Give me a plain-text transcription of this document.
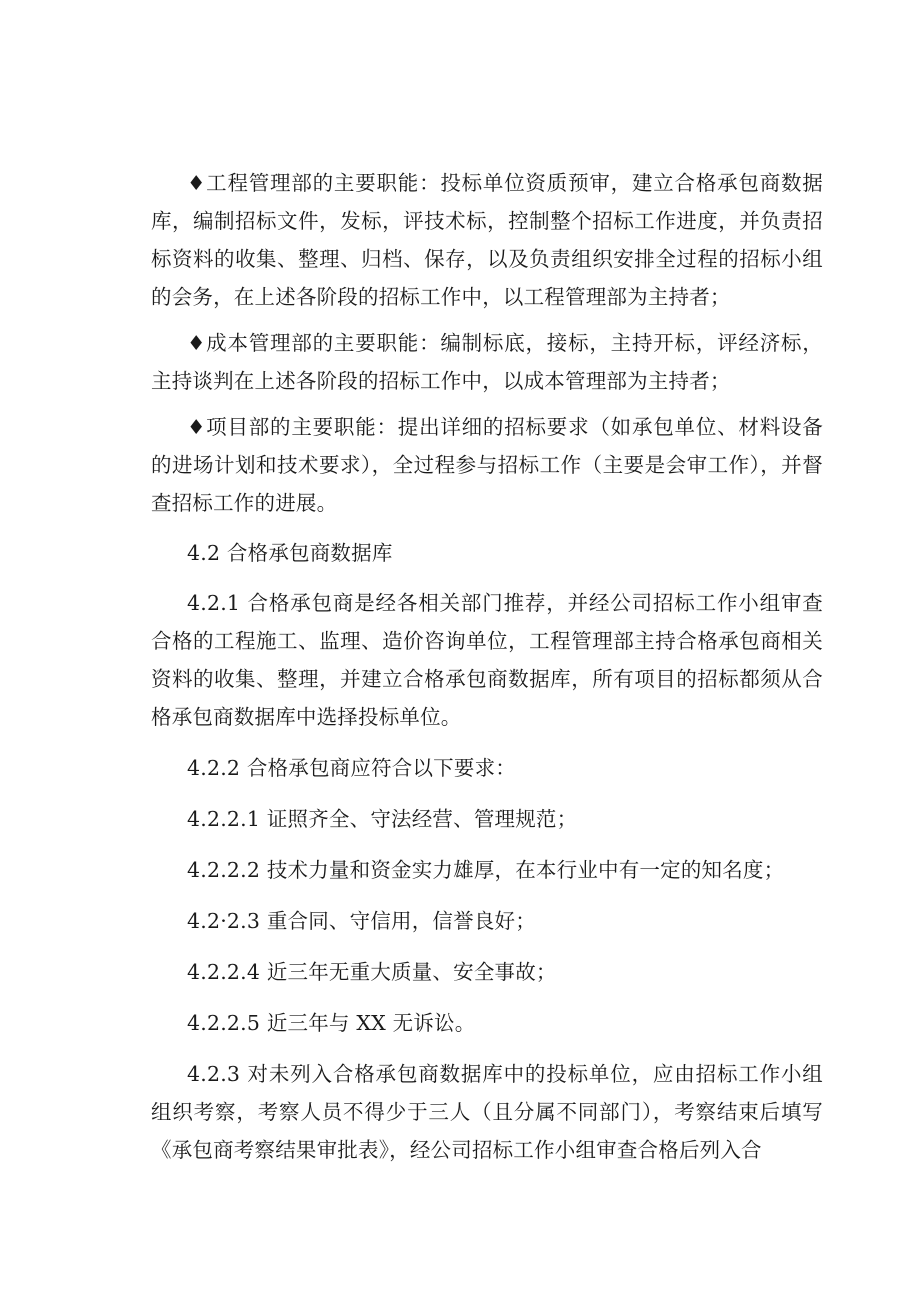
♦工程管理部的主要职能：投标单位资质预审，建立合格承包商数据库，编制招标文件，发标，评技术标，控制整个招标工作进度，并负责招标资料的收集、整理、归档、保存，以及负责组织安排全过程的招标小组的会务，在上述各阶段的招标工作中，以工程管理部为主持者；

♦成本管理部的主要职能：编制标底，接标，主持开标，评经济标，主持谈判在上述各阶段的招标工作中，以成本管理部为主持者；

♦项目部的主要职能：提出详细的招标要求（如承包单位、材料设备的进场计划和技术要求），全过程参与招标工作（主要是会审工作），并督查招标工作的进展。

4.2 合格承包商数据库

4.2.1 合格承包商是经各相关部门推荐，并经公司招标工作小组审查合格的工程施工、监理、造价咨询单位，工程管理部主持合格承包商相关资料的收集、整理，并建立合格承包商数据库，所有项目的招标都须从合格承包商数据库中选择投标单位。

4.2.2 合格承包商应符合以下要求：

4.2.2.1 证照齐全、守法经营、管理规范；

4.2.2.2 技术力量和资金实力雄厚，在本行业中有一定的知名度；

4.2·2.3 重合同、守信用，信誉良好；

4.2.2.4 近三年无重大质量、安全事故；

4.2.2.5 近三年与 XX 无诉讼。

4.2.3 对未列入合格承包商数据库中的投标单位，应由招标工作小组组织考察，考察人员不得少于三人（且分属不同部门），考察结束后填写《承包商考察结果审批表》，经公司招标工作小组审查合格后列入合
